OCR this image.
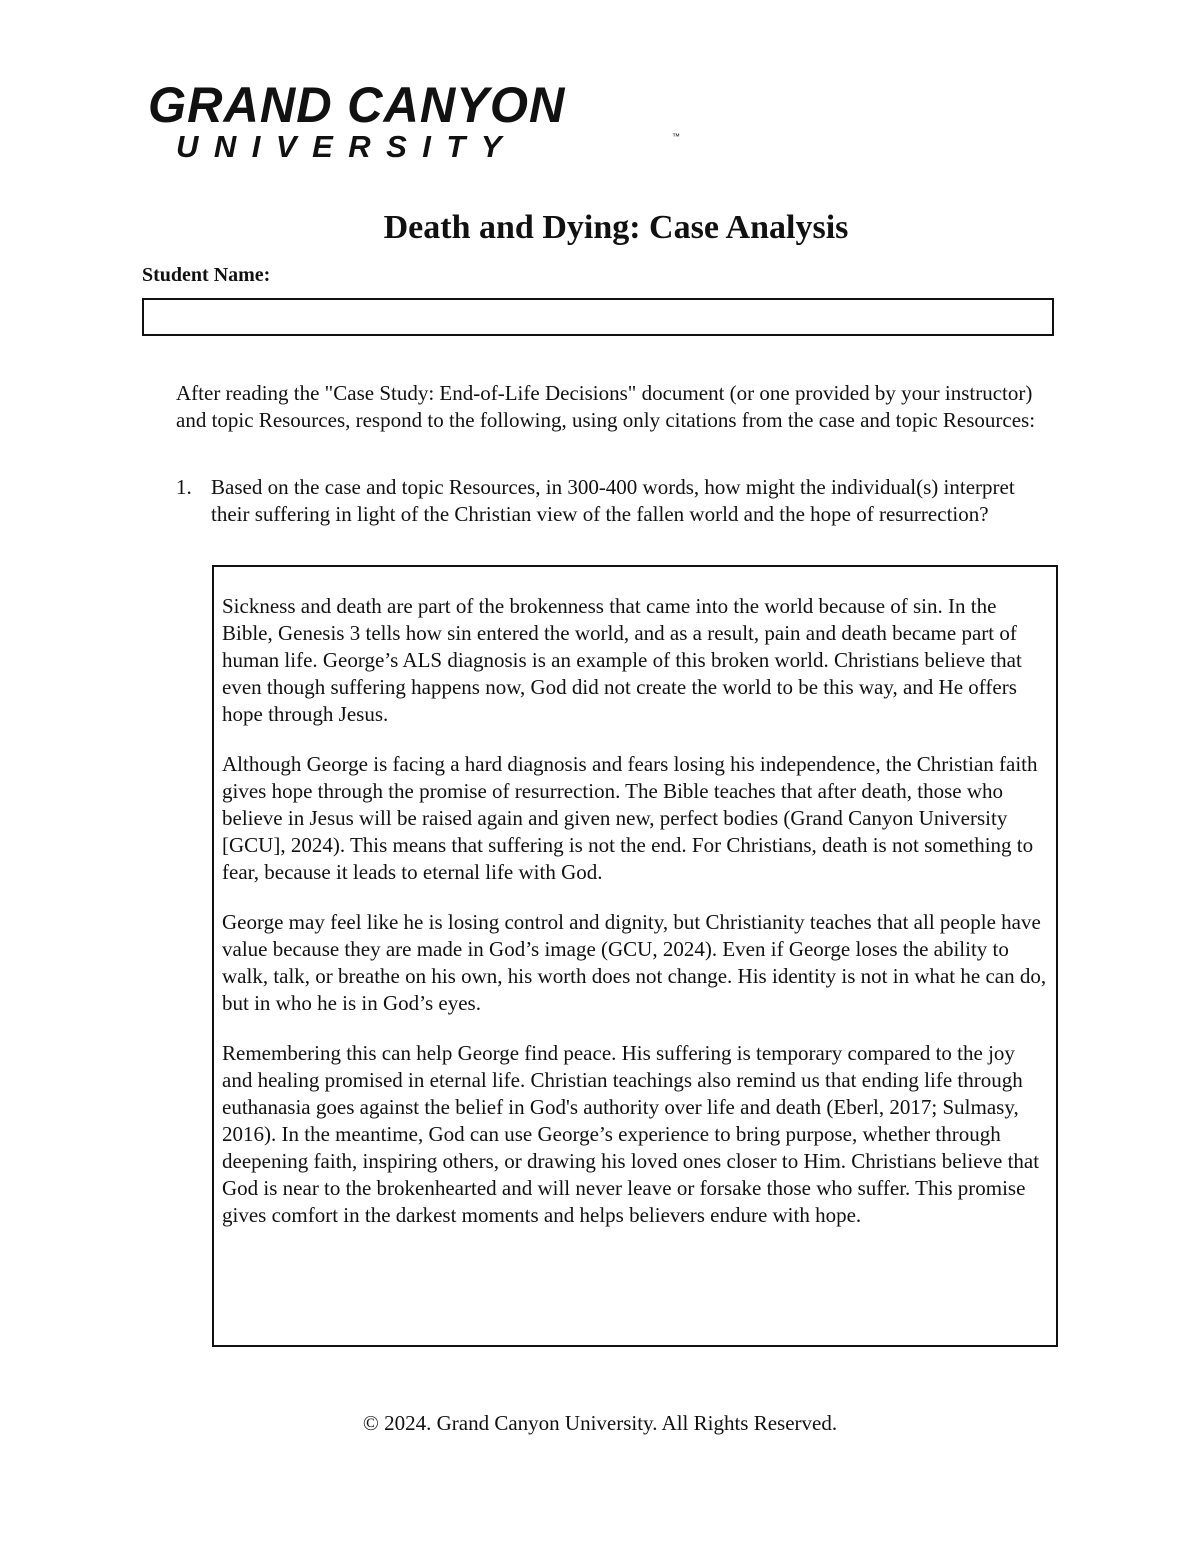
GRAND CANYON
UNIVERSITY	™
Death and Dying: Case Analysis
Student Name:

After reading the "Case Study: End-of-Life Decisions" document (or one provided by your instructor) and topic Resources, respond to the following, using only citations from the case and topic Resources:

1. Based on the case and topic Resources, in 300-400 words, how might the individual(s) interpret their suffering in light of the Christian view of the fallen world and the hope of resurrection?

Sickness and death are part of the brokenness that came into the world because of sin. In the Bible, Genesis 3 tells how sin entered the world, and as a result, pain and death became part of human life. George’s ALS diagnosis is an example of this broken world. Christians believe that even though suffering happens now, God did not create the world to be this way, and He offers hope through Jesus.

Although George is facing a hard diagnosis and fears losing his independence, the Christian faith gives hope through the promise of resurrection. The Bible teaches that after death, those who believe in Jesus will be raised again and given new, perfect bodies (Grand Canyon University [GCU], 2024). This means that suffering is not the end. For Christians, death is not something to fear, because it leads to eternal life with God.

George may feel like he is losing control and dignity, but Christianity teaches that all people have value because they are made in God’s image (GCU, 2024). Even if George loses the ability to walk, talk, or breathe on his own, his worth does not change. His identity is not in what he can do, but in who he is in God’s eyes.

Remembering this can help George find peace. His suffering is temporary compared to the joy and healing promised in eternal life. Christian teachings also remind us that ending life through euthanasia goes against the belief in God's authority over life and death (Eberl, 2017; Sulmasy, 2016). In the meantime, God can use George’s experience to bring purpose, whether through deepening faith, inspiring others, or drawing his loved ones closer to Him. Christians believe that God is near to the brokenhearted and will never leave or forsake those who suffer. This promise gives comfort in the darkest moments and helps believers endure with hope.

© 2024. Grand Canyon University. All Rights Reserved.
